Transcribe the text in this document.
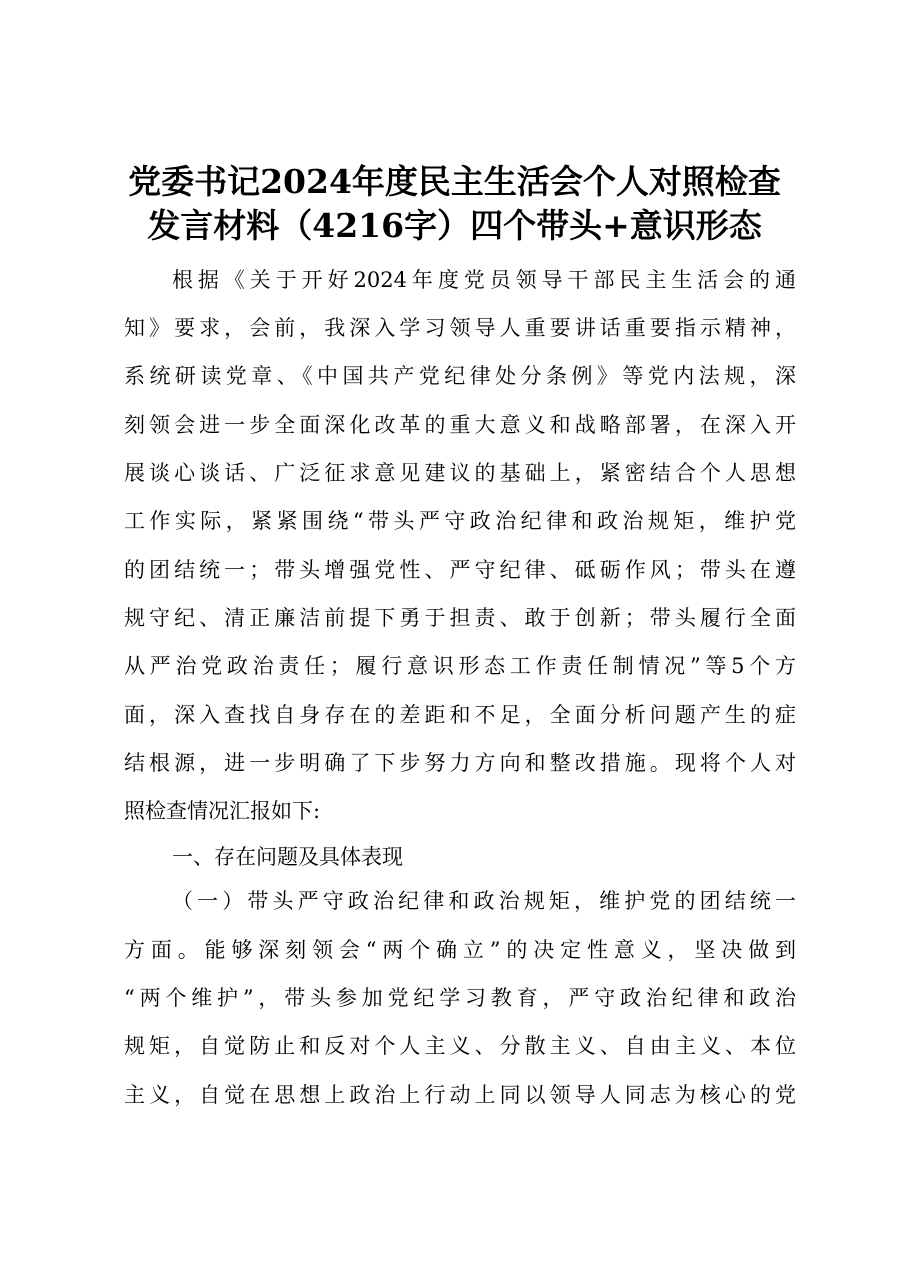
党委书记2024年度民主生活会个人对照检查
发言材料（4216字）四个带头+意识形态

根据《关于开好2024年度党员领导干部民主生活会的通

知》要求，会前，我深入学习领导人重要讲话重要指示精神，

系统研读党章、《中国共产党纪律处分条例》等党内法规，深

刻领会进一步全面深化改革的重大意义和战略部署，在深入开

展谈心谈话、广泛征求意见建议的基础上，紧密结合个人思想

工作实际，紧紧围绕“带头严守政治纪律和政治规矩，维护党

的团结统一；带头增强党性、严守纪律、砥砺作风；带头在遵

规守纪、清正廉洁前提下勇于担责、敢于创新；带头履行全面

从严治党政治责任；履行意识形态工作责任制情况”等5个方

面，深入查找自身存在的差距和不足，全面分析问题产生的症

结根源，进一步明确了下步努力方向和整改措施。现将个人对

照检查情况汇报如下:

一、存在问题及具体表现

（一）带头严守政治纪律和政治规矩，维护党的团结统一

方面。能够深刻领会“两个确立”的决定性意义，坚决做到

“两个维护”，带头参加党纪学习教育，严守政治纪律和政治

规矩，自觉防止和反对个人主义、分散主义、自由主义、本位

主义，自觉在思想上政治上行动上同以领导人同志为核心的党
